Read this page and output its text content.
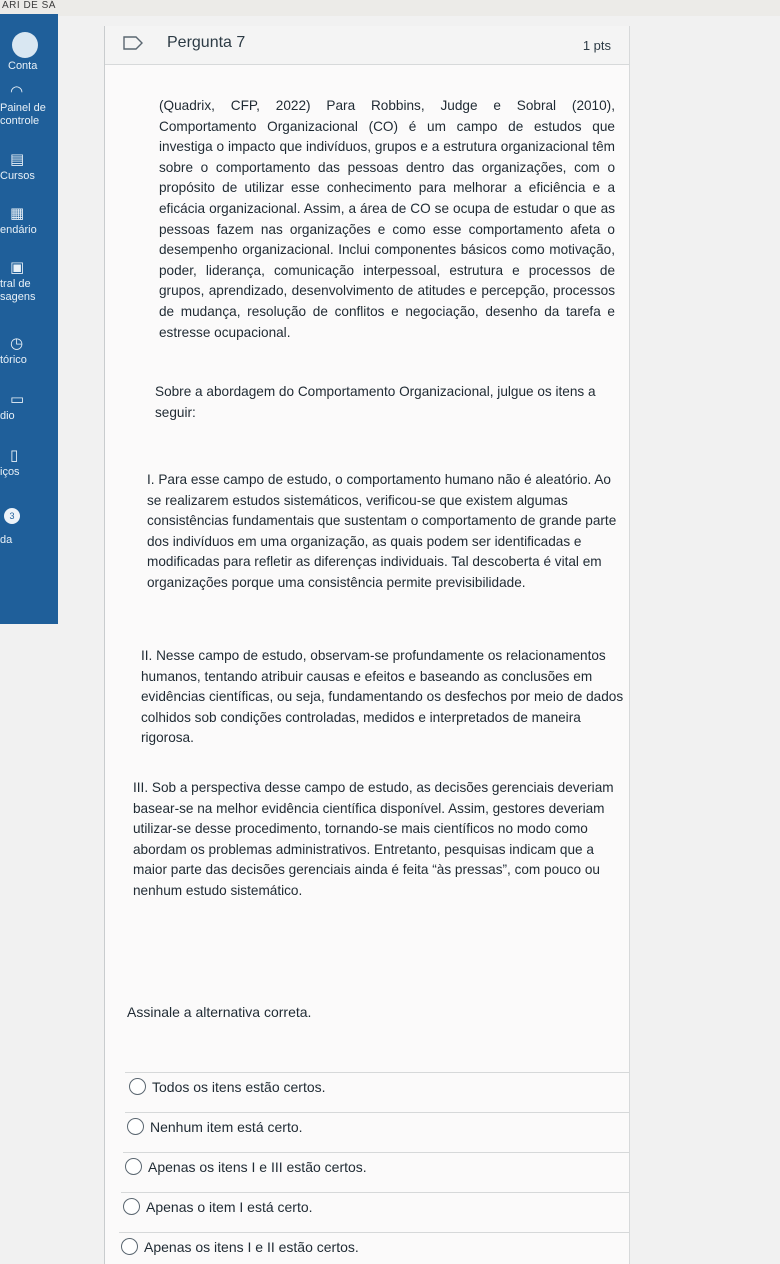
ARI DE SÁ
Conta
◠
Painel de
controle
▤
Cursos
▦
endário
▣
tral de
sagens
◷
tórico
▭
dio
▯
iços
3
da
Pergunta 7	1 pts
(Quadrix, CFP, 2022) Para Robbins, Judge e Sobral (2010), Comportamento Organizacional (CO) é um campo de estudos que investiga o impacto que indivíduos, grupos e a estrutura organizacional têm sobre o comportamento das pessoas dentro das organizações, com o propósito de utilizar esse conhecimento para melhorar a eficiência e a eficácia organizacional. Assim, a área de CO se ocupa de estudar o que as pessoas fazem nas organizações e como esse comportamento afeta o desempenho organizacional. Inclui componentes básicos como motivação, poder, liderança, comunicação interpessoal, estrutura e processos de grupos, aprendizado, desenvolvimento de atitudes e percepção, processos de mudança, resolução de conflitos e negociação, desenho da tarefa e estresse ocupacional.
Sobre a abordagem do Comportamento Organizacional, julgue os itens a seguir:
I. Para esse campo de estudo, o comportamento humano não é aleatório. Ao se realizarem estudos sistemáticos, verificou-se que existem algumas consistências fundamentais que sustentam o comportamento de grande parte dos indivíduos em uma organização, as quais podem ser identificadas e modificadas para refletir as diferenças individuais. Tal descoberta é vital em organizações porque uma consistência permite previsibilidade.
II. Nesse campo de estudo, observam-se profundamente os relacionamentos humanos, tentando atribuir causas e efeitos e baseando as conclusões em evidências científicas, ou seja, fundamentando os desfechos por meio de dados colhidos sob condições controladas, medidos e interpretados de maneira rigorosa.
III. Sob a perspectiva desse campo de estudo, as decisões gerenciais deveriam basear-se na melhor evidência científica disponível. Assim, gestores deveriam utilizar-se desse procedimento, tornando-se mais científicos no modo como abordam os problemas administrativos. Entretanto, pesquisas indicam que a maior parte das decisões gerenciais ainda é feita “às pressas”, com pouco ou nenhum estudo sistemático.
Assinale a alternativa correta.
Todos os itens estão certos.
Nenhum item está certo.
Apenas os itens I e III estão certos.
Apenas o item I está certo.
Apenas os itens I e II estão certos.
